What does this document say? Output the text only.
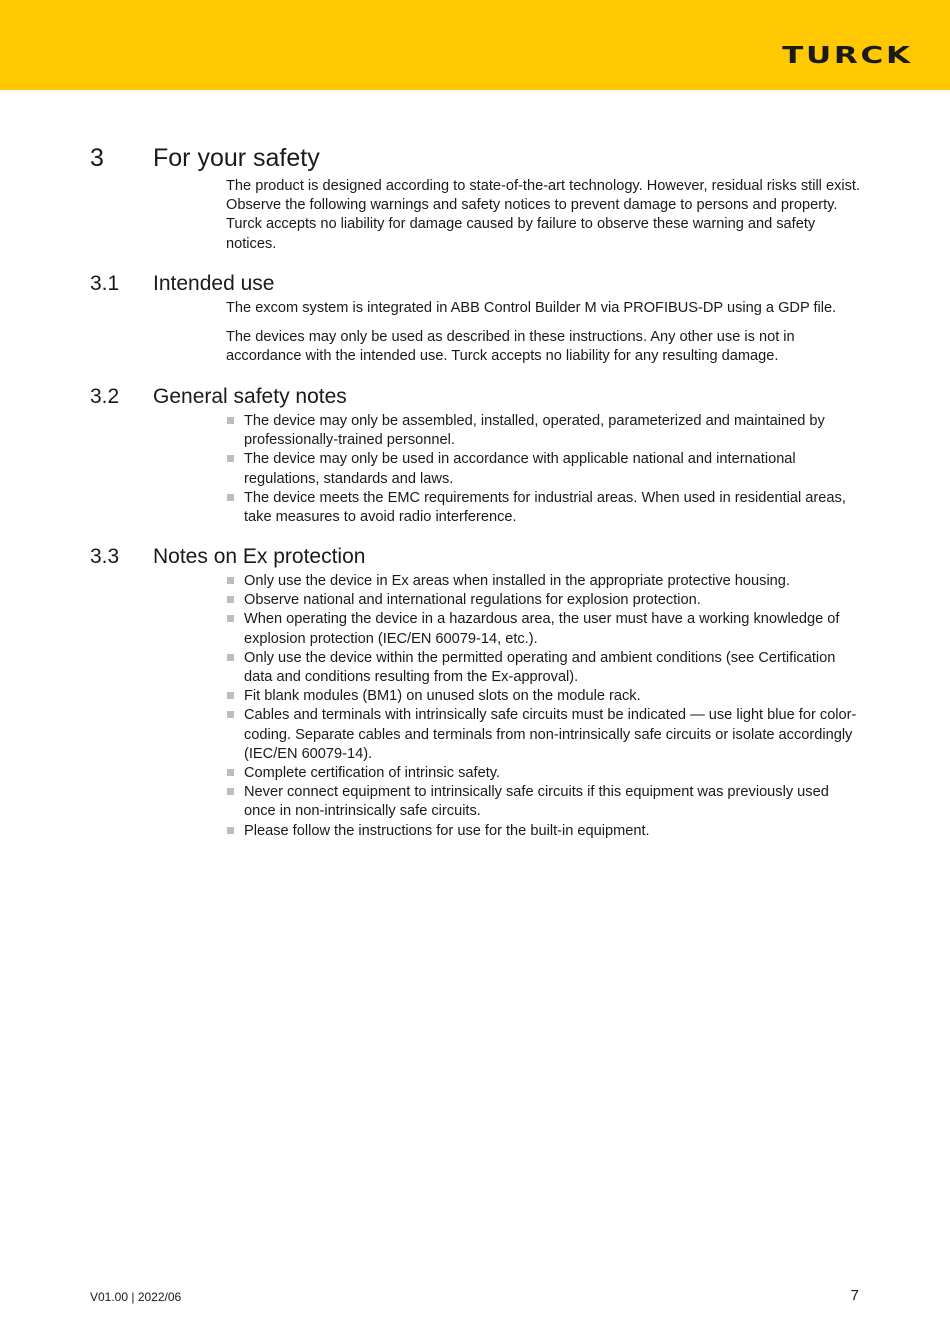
TURCK
3 For your safety

The product is designed according to state-of-the-art technology. However, residual risks still exist. Observe the following warnings and safety notices to prevent damage to persons and property. Turck accepts no liability for damage caused by failure to observe these warning and safety notices.

3.1 Intended use

The excom system is integrated in ABB Control Builder M via PROFIBUS-DP using a GDP file.

The devices may only be used as described in these instructions. Any other use is not in accordance with the intended use. Turck accepts no liability for any resulting damage.

3.2 General safety notes
The device may only be assembled, installed, operated, parameterized and maintained by professionally-trained personnel.
The device may only be used in accordance with applicable national and international regulations, standards and laws.
The device meets the EMC requirements for industrial areas. When used in residential areas, take measures to avoid radio interference.
3.3 Notes on Ex protection
Only use the device in Ex areas when installed in the appropriate protective housing.
Observe national and international regulations for explosion protection.
When operating the device in a hazardous area, the user must have a working knowledge of explosion protection (IEC/EN 60079-14, etc.).
Only use the device within the permitted operating and ambient conditions (see Certification data and conditions resulting from the Ex-approval).
Fit blank modules (BM1) on unused slots on the module rack.
Cables and terminals with intrinsically safe circuits must be indicated — use light blue for color-coding. Separate cables and terminals from non-intrinsically safe circuits or isolate accordingly (IEC/EN 60079-14).
Complete certification of intrinsic safety.
Never connect equipment to intrinsically safe circuits if this equipment was previously used once in non-intrinsically safe circuits.
Please follow the instructions for use for the built-in equipment.
V01.00 | 2022/06	7
